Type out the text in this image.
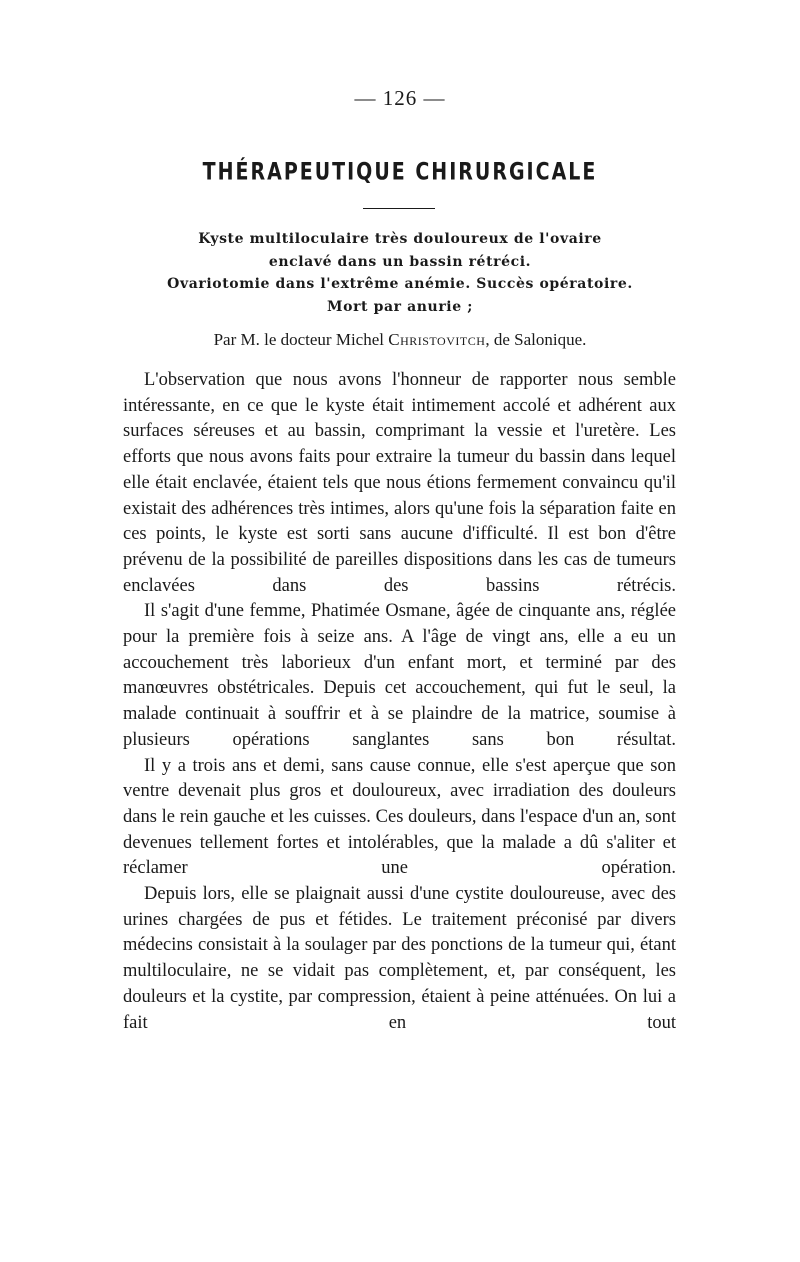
— 126 —
THÉRAPEUTIQUE CHIRURGICALE
Kyste multiloculaire très douloureux de l'ovaire
enclavé dans un bassin rétréci.
Ovariotomie dans l'extrême anémie. Succès opératoire.
Mort par anurie ;
Par M. le docteur Michel Christovitch, de Salonique.

L'observation que nous avons l'honneur de rapporter nous semble intéressante, en ce que le kyste était intimement accolé et adhérent aux surfaces séreuses et au bassin, comprimant la vessie et l'uretère. Les efforts que nous avons faits pour extraire la tumeur du bassin dans lequel elle était enclavée, étaient tels que nous étions fermement convaincu qu'il existait des adhérences très intimes, alors qu'une fois la séparation faite en ces points, le kyste est sorti sans aucune d'ifficulté. Il est bon d'être prévenu de la possibilité de pareilles dispositions dans les cas de tumeurs enclavées dans des bassins rétrécis.

Il s'agit d'une femme, Phatimée Osmane, âgée de cinquante ans, réglée pour la première fois à seize ans. A l'âge de vingt ans, elle a eu un accouchement très laborieux d'un enfant mort, et terminé par des manœuvres obstétricales. Depuis cet accouchement, qui fut le seul, la malade continuait à souffrir et à se plaindre de la matrice, soumise à plusieurs opérations sanglantes sans bon résultat.

Il y a trois ans et demi, sans cause connue, elle s'est aperçue que son ventre devenait plus gros et douloureux, avec irradiation des douleurs dans le rein gauche et les cuisses. Ces douleurs, dans l'espace d'un an, sont devenues tellement fortes et intolérables, que la malade a dû s'aliter et réclamer une opération.

Depuis lors, elle se plaignait aussi d'une cystite douloureuse, avec des urines chargées de pus et fétides. Le traitement préconisé par divers médecins consistait à la soulager par des ponctions de la tumeur qui, étant multiloculaire, ne se vidait pas complètement, et, par conséquent, les douleurs et la cystite, par compression, étaient à peine atténuées. On lui a fait en tout
